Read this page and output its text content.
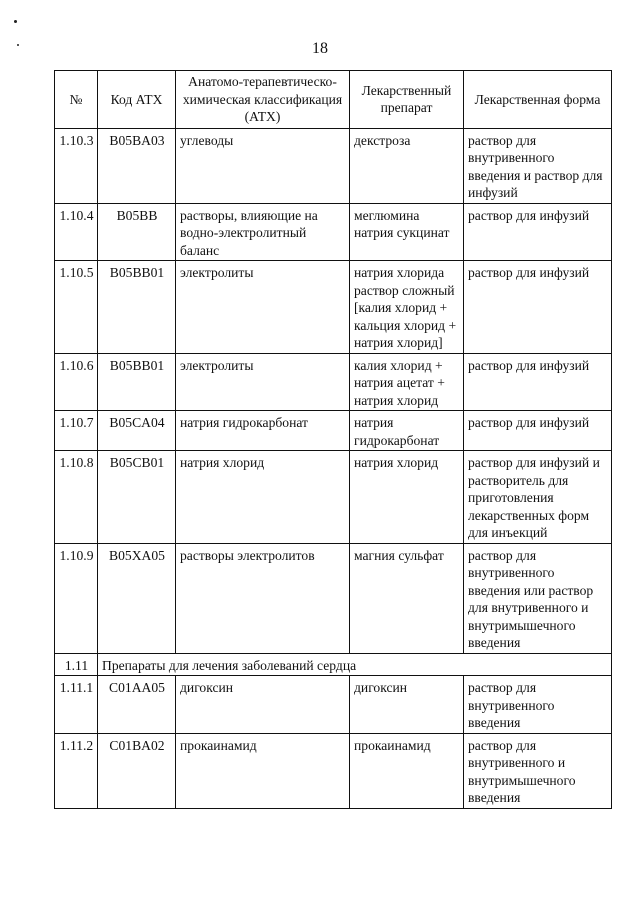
18
№	Код АТХ	Анатомо-терапевтическо-химическая классификация (АТХ)	Лекарственный препарат	Лекарственная форма
1.10.3	B05BA03	углеводы	декстроза	раствор для внутривенного введения и раствор для инфузий
1.10.4	B05BB	растворы, влияющие на водно-электролитный баланс	меглюмина натрия сукцинат	раствор для инфузий
1.10.5	B05BB01	электролиты	натрия хлорида раствор сложный [калия хлорид + кальция хлорид + натрия хлорид]	раствор для инфузий
1.10.6	B05BB01	электролиты	калия хлорид + натрия ацетат + натрия хлорид	раствор для инфузий
1.10.7	B05CA04	натрия гидрокарбонат	натрия гидрокарбонат	раствор для инфузий
1.10.8	B05CB01	натрия хлорид	натрия хлорид	раствор для инфузий и растворитель для приготовления лекарственных форм для инъекций
1.10.9	B05XA05	растворы электролитов	магния сульфат	раствор для внутривенного введения или раствор для внутривенного и внутримышечного введения
1.11	Препараты для лечения заболеваний сердца			
1.11.1	C01AA05	дигоксин	дигоксин	раствор для внутривенного введения
1.11.2	C01BA02	прокаинамид	прокаинамид	раствор для внутривенного и внутримышечного введения
